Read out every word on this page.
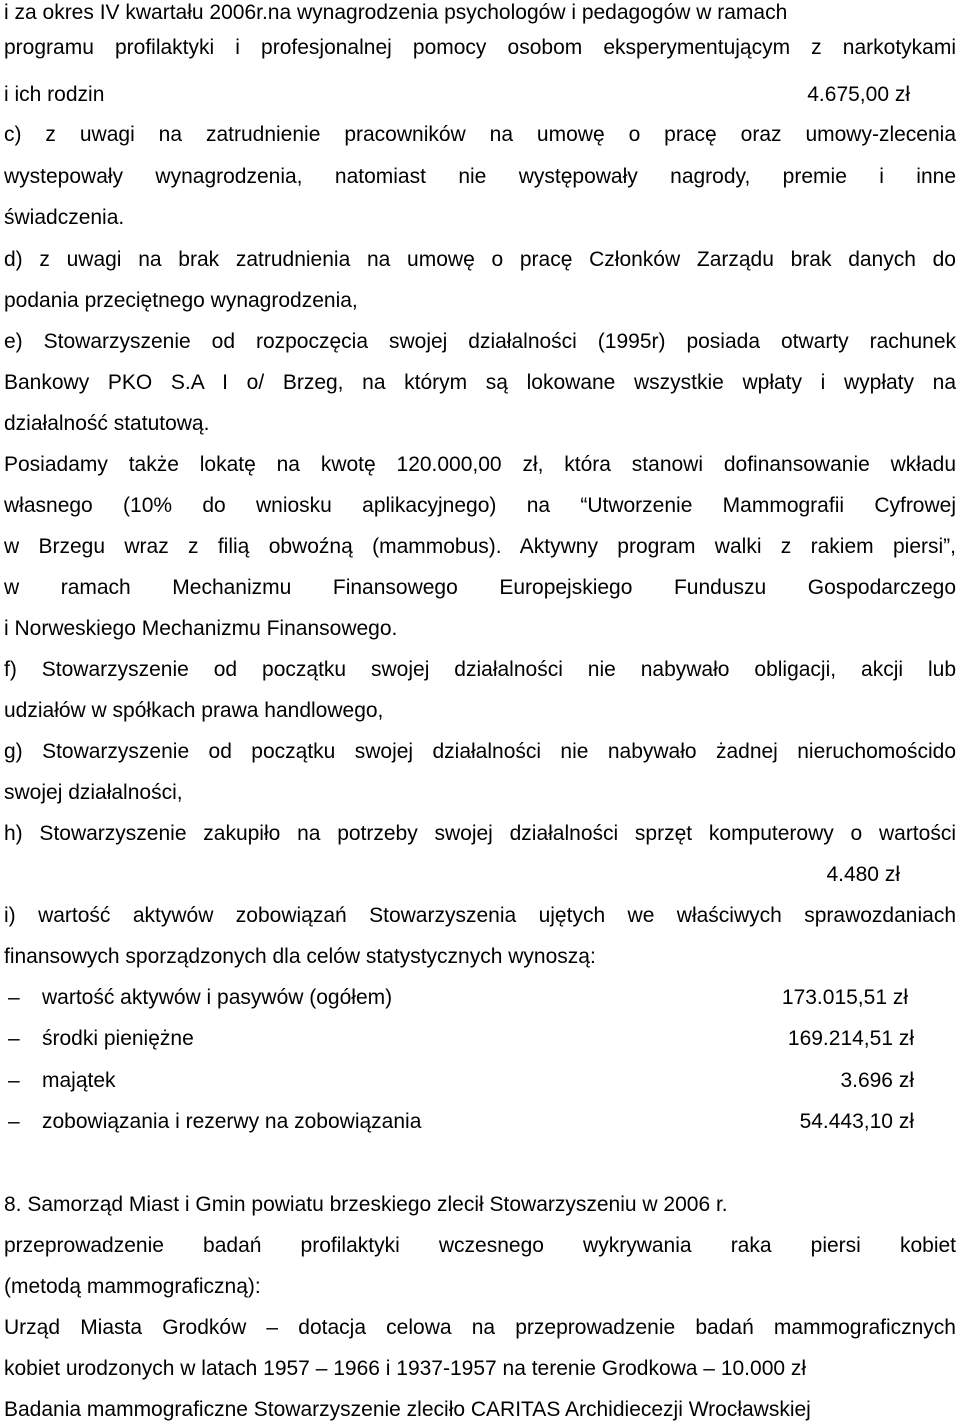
i za okres IV kwartału 2006r.na wynagrodzenia psychologów i pedagogów w ramach
programu profilaktyki i profesjonalnej pomocy osobom eksperymentującym z narkotykami
i ich rodzin	4.675,00 zł
c) z uwagi na zatrudnienie pracowników na umowę o pracę oraz umowy-zlecenia
wystepowały wynagrodzenia, natomiast nie występowały nagrody, premie i inne
świadczenia.
d) z uwagi na brak zatrudnienia na umowę o pracę Członków Zarządu brak danych do
podania przeciętnego wynagrodzenia,
e) Stowarzyszenie od rozpoczęcia swojej działalności (1995r) posiada otwarty rachunek
Bankowy PKO S.A I o/ Brzeg, na którym są lokowane wszystkie wpłaty i wypłaty na
działalność statutową.
Posiadamy także lokatę na kwotę 120.000,00 zł, która stanowi dofinansowanie wkładu
własnego (10% do wniosku aplikacyjnego) na “Utworzenie Mammografii Cyfrowej
w Brzegu wraz z filią obwoźną (mammobus). Aktywny program walki z rakiem piersi”,
w ramach Mechanizmu Finansowego Europejskiego Funduszu Gospodarczego
i Norweskiego Mechanizmu Finansowego.
f) Stowarzyszenie od początku swojej działalności nie nabywało obligacji, akcji lub
udziałów w spółkach prawa handlowego,
g) Stowarzyszenie od początku swojej działalności nie nabywało żadnej nieruchomoścido
swojej działalności,
h) Stowarzyszenie zakupiło na potrzeby swojej działalności sprzęt komputerowy o wartości
4.480 zł
i) wartość aktywów zobowiązań Stowarzyszenia ujętych we właściwych sprawozdaniach
finansowych sporządzonych dla celów statystycznych wynoszą:
– wartość aktywów i pasywów (ogółem)	173.015,51 zł
– środki pieniężne	169.214,51 zł
– majątek	3.696 zł
– zobowiązania i rezerwy na zobowiązania	54.443,10 zł
8. Samorząd Miast i Gmin powiatu brzeskiego zlecił Stowarzyszeniu w 2006 r.
przeprowadzenie badań profilaktyki wczesnego wykrywania raka piersi kobiet
(metodą mammograficzną):
Urząd Miasta Grodków – dotacja celowa na przeprowadzenie badań mammograficznych
kobiet urodzonych w latach 1957 – 1966 i 1937-1957 na terenie Grodkowa – 10.000 zł
Badania mammograficzne Stowarzyszenie zleciło CARITAS Archidiecezji Wrocławskiej
